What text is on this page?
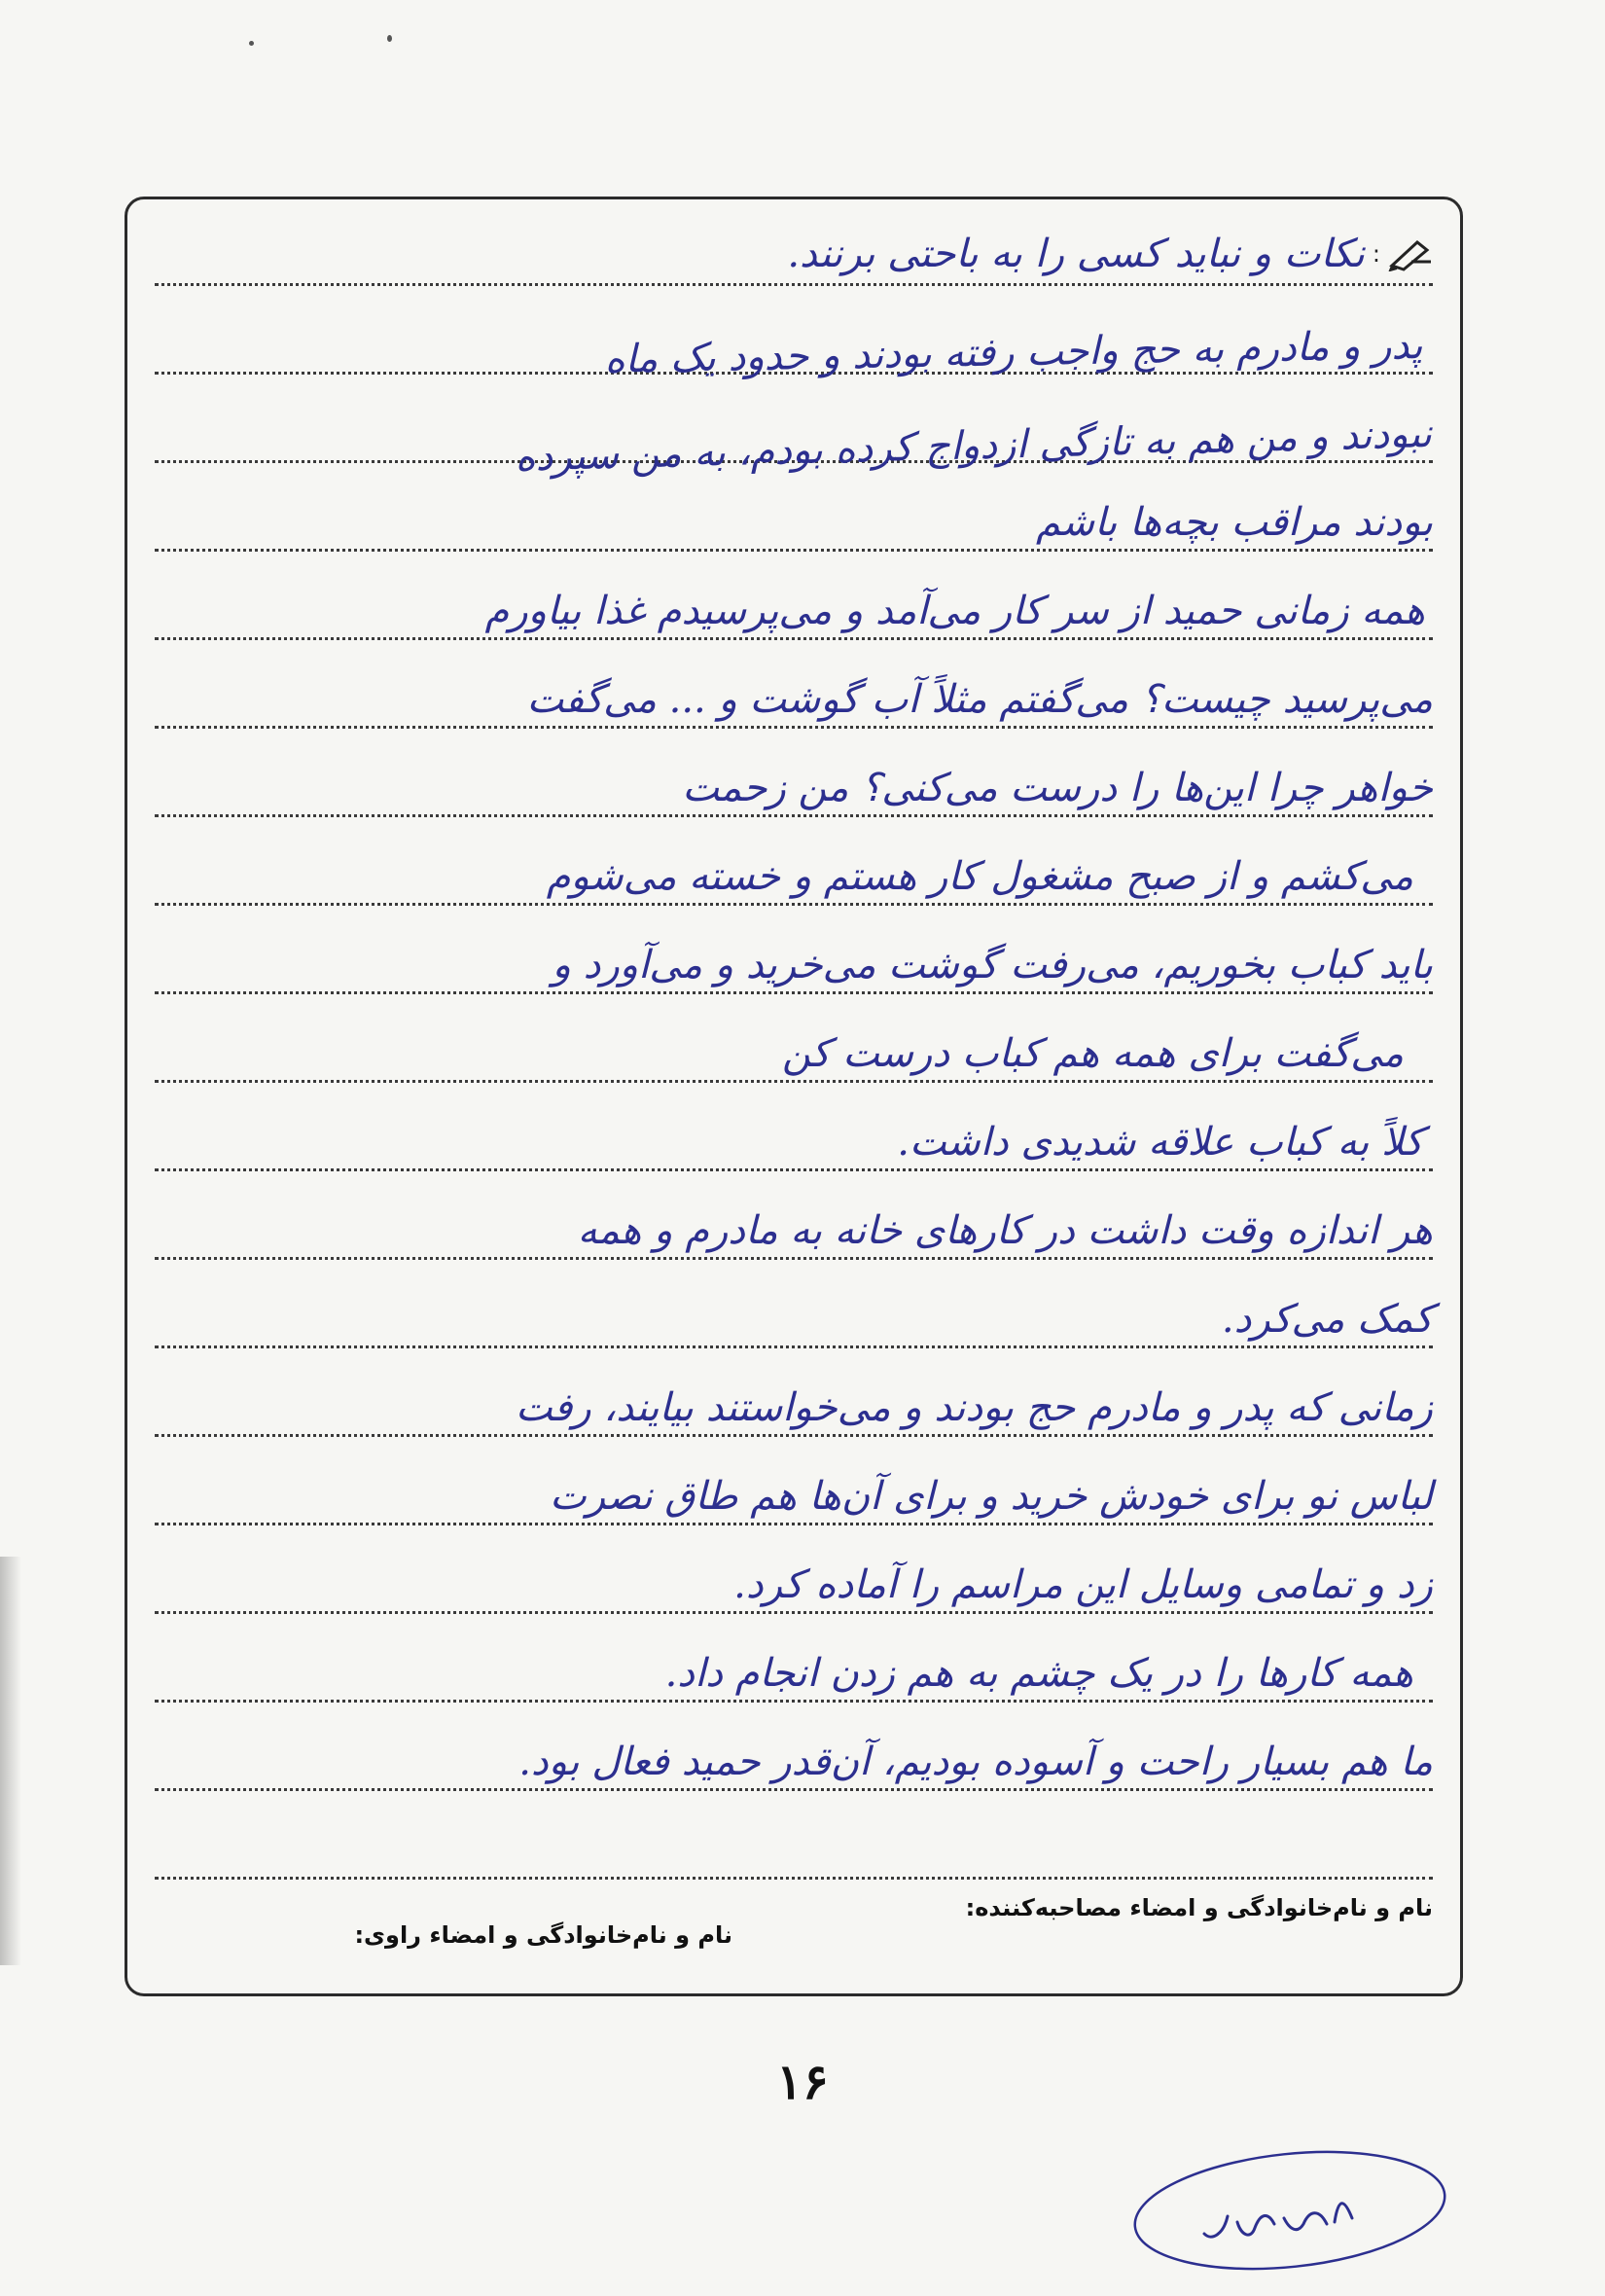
:
نکات و نباید کسی را به باحتی برنند.
پدر و مادرم به حج واجب رفته بودند و حدود یک ماه
نبودند و من هم به تازگی ازدواج کرده بودم، به من سپرده
بودند مراقب بچه‌ها باشم
همه زمانی حمید از سر کار می‌آمد و می‌پرسیدم غذا بیاورم
می‌پرسید چیست؟ می‌گفتم مثلاً آب گوشت و ... می‌گفت
خواهر چرا این‌ها را درست می‌کنی؟ من زحمت
می‌کشم و از صبح مشغول کار هستم و خسته می‌شوم
باید کباب بخوریم، می‌رفت گوشت می‌خرید و می‌آورد و
می‌گفت برای همه هم کباب درست کن
کلاً به کباب علاقه شدیدی داشت.
هر اندازه وقت داشت در کارهای خانه به مادرم و همه
کمک می‌کرد.
زمانی که پدر و مادرم حج بودند و می‌خواستند بیایند، رفت
لباس نو برای خودش خرید و برای آن‌ها هم طاق نصرت
زد و تمامی وسایل این مراسم را آماده کرد.
همه کارها را در یک چشم به هم زدن انجام داد.
ما هم بسیار راحت و آسوده بودیم، آن‌قدر حمید فعال بود.
نام و نام‌خانوادگی و امضاء مصاحبه‌کننده:
نام و نام‌خانوادگی و امضاء راوی:
۱۶
